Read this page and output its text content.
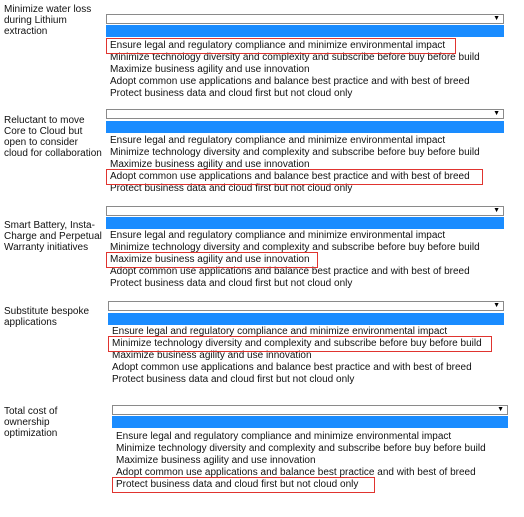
Minimize water loss during Lithium extraction
▼
Ensure legal and regulatory compliance and minimize environmental impact
Minimize technology diversity and complexity and subscribe before buy before build
Maximize business agility and use innovation
Adopt common use applications and balance best practice and with best of breed
Protect business data and cloud first but not cloud only
Reluctant to move Core to Cloud but open to consider cloud for collaboration
▼
Ensure legal and regulatory compliance and minimize environmental impact
Minimize technology diversity and complexity and subscribe before buy before build
Maximize business agility and use innovation
Adopt common use applications and balance best practice and with best of breed
Protect business data and cloud first but not cloud only
Smart Battery, Insta-Charge and Perpetual Warranty initiatives
▼
Ensure legal and regulatory compliance and minimize environmental impact
Minimize technology diversity and complexity and subscribe before buy before build
Maximize business agility and use innovation
Adopt common use applications and balance best practice and with best of breed
Protect business data and cloud first but not cloud only
Substitute bespoke applications
▼
Ensure legal and regulatory compliance and minimize environmental impact
Minimize technology diversity and complexity and subscribe before buy before build
Maximize business agility and use innovation
Adopt common use applications and balance best practice and with best of breed
Protect business data and cloud first but not cloud only
Total cost of ownership optimization
▼
Ensure legal and regulatory compliance and minimize environmental impact
Minimize technology diversity and complexity and subscribe before buy before build
Maximize business agility and use innovation
Adopt common use applications and balance best practice and with best of breed
Protect business data and cloud first but not cloud only
